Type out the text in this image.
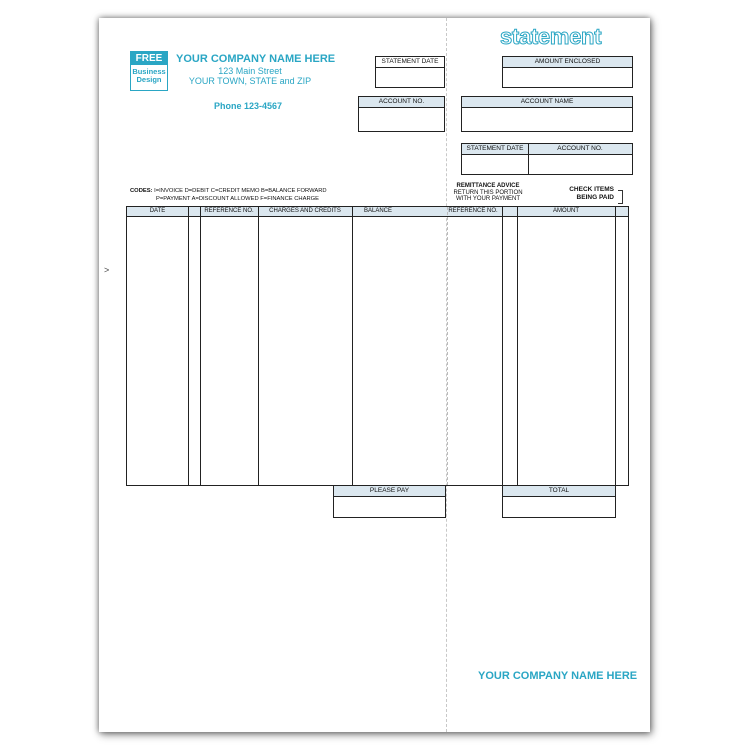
FREE
Business
Design
YOUR COMPANY NAME HERE
123 Main Street
YOUR TOWN, STATE and ZIP
Phone 123-4567
statement
STATEMENT DATE	AMOUNT ENCLOSED
ACCOUNT NO.	ACCOUNT NAME
STATEMENT DATE	ACCOUNT NO.
CODES: I=INVOICE D=DEBIT C=CREDIT MEMO B=BALANCE FORWARD
P=PAYMENT A=DISCOUNT ALLOWED F=FINANCE CHARGE
REMITTANCE ADVICE
RETURN THIS PORTION
WITH YOUR PAYMENT
CHECK ITEMS
BEING PAID
>
DATE	REFERENCE NO.	CHARGES AND CREDITS	BALANCE	REFERENCE NO.	AMOUNT
PLEASE PAY	TOTAL
YOUR COMPANY NAME HERE
